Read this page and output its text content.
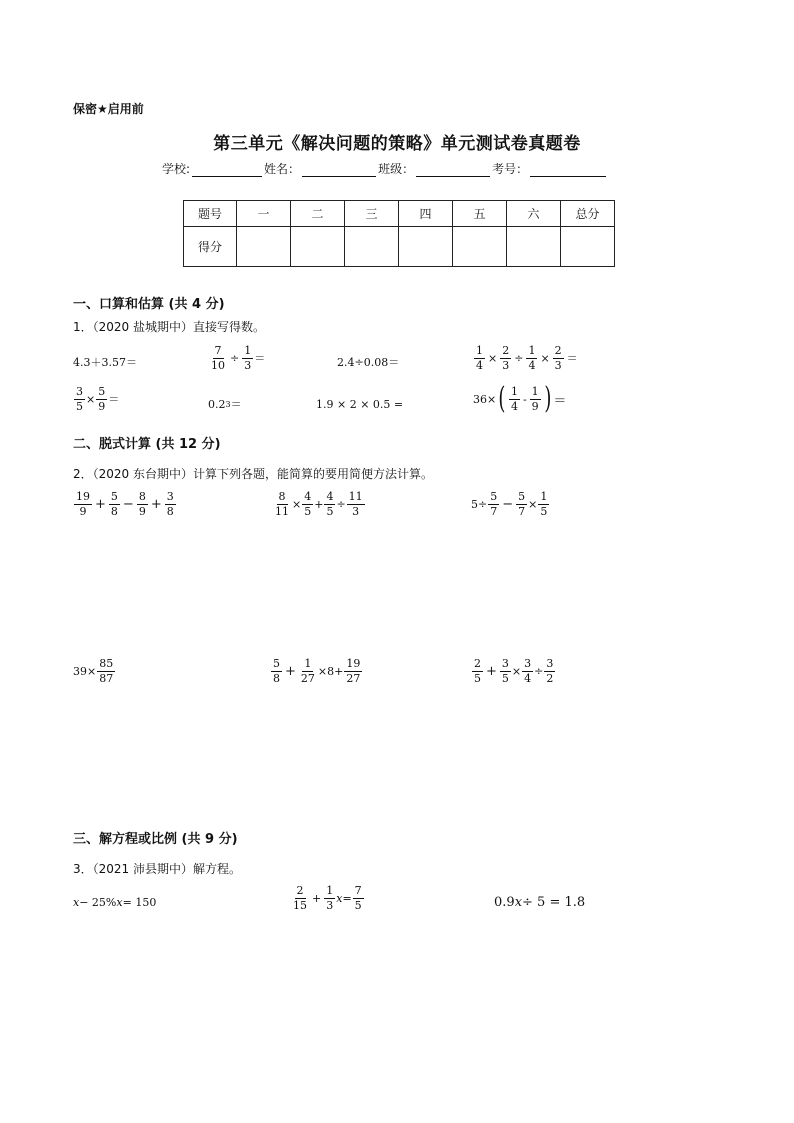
保密★启用前
第三单元《解决问题的策略》单元测试卷真题卷
学校:	姓名：	班级：	考号：
题号	一	二	三	四	五	六	总分
得分							
一、口算和估算 (共 4 分)
1．（2020 盐城期中）直接写得数。
4.3＋3.57＝	$\frac{7}{10} \div \frac{1}{3}$ ＝	2.4÷0.08＝	$\frac{1}{4} \times \frac{2}{3} \div \frac{1}{4} \times \frac{2}{3}$ ＝
$\frac{3}{5} \times \frac{5}{9}$ ＝	0.2 3 ＝	1.9 × 2 × 0.5 =	36× ( $\frac{1}{4} - \frac{1}{9}$ ) ＝
二、脱式计算 (共 12 分)
2．（2020 东台期中）计算下列各题，能简算的要用简便方法计算。
$\frac{19}{9} + \frac{5}{8} - \frac{8}{9} + \frac{3}{8}$	$\frac{8}{11} \times \frac{4}{5} + \frac{4}{5} \div \frac{11}{3}$	$5\div \frac{5}{7} - \frac{5}{7} \times \frac{1}{5}$
$39\times \frac{85}{87}$	$\frac{5}{8} + \frac{1}{27} \times 8+ \frac{19}{27}$	$\frac{2}{5} + \frac{3}{5} \times \frac{3}{4} \div \frac{3}{2}$
三、解方程或比例 (共 9 分)
3．（2021 沛县期中）解方程。
x − 25% x = 150	$\frac{2}{15} + \frac{1}{3}$ $x = \frac{7}{5}$	0.9 x ÷ 5 = 1.8
